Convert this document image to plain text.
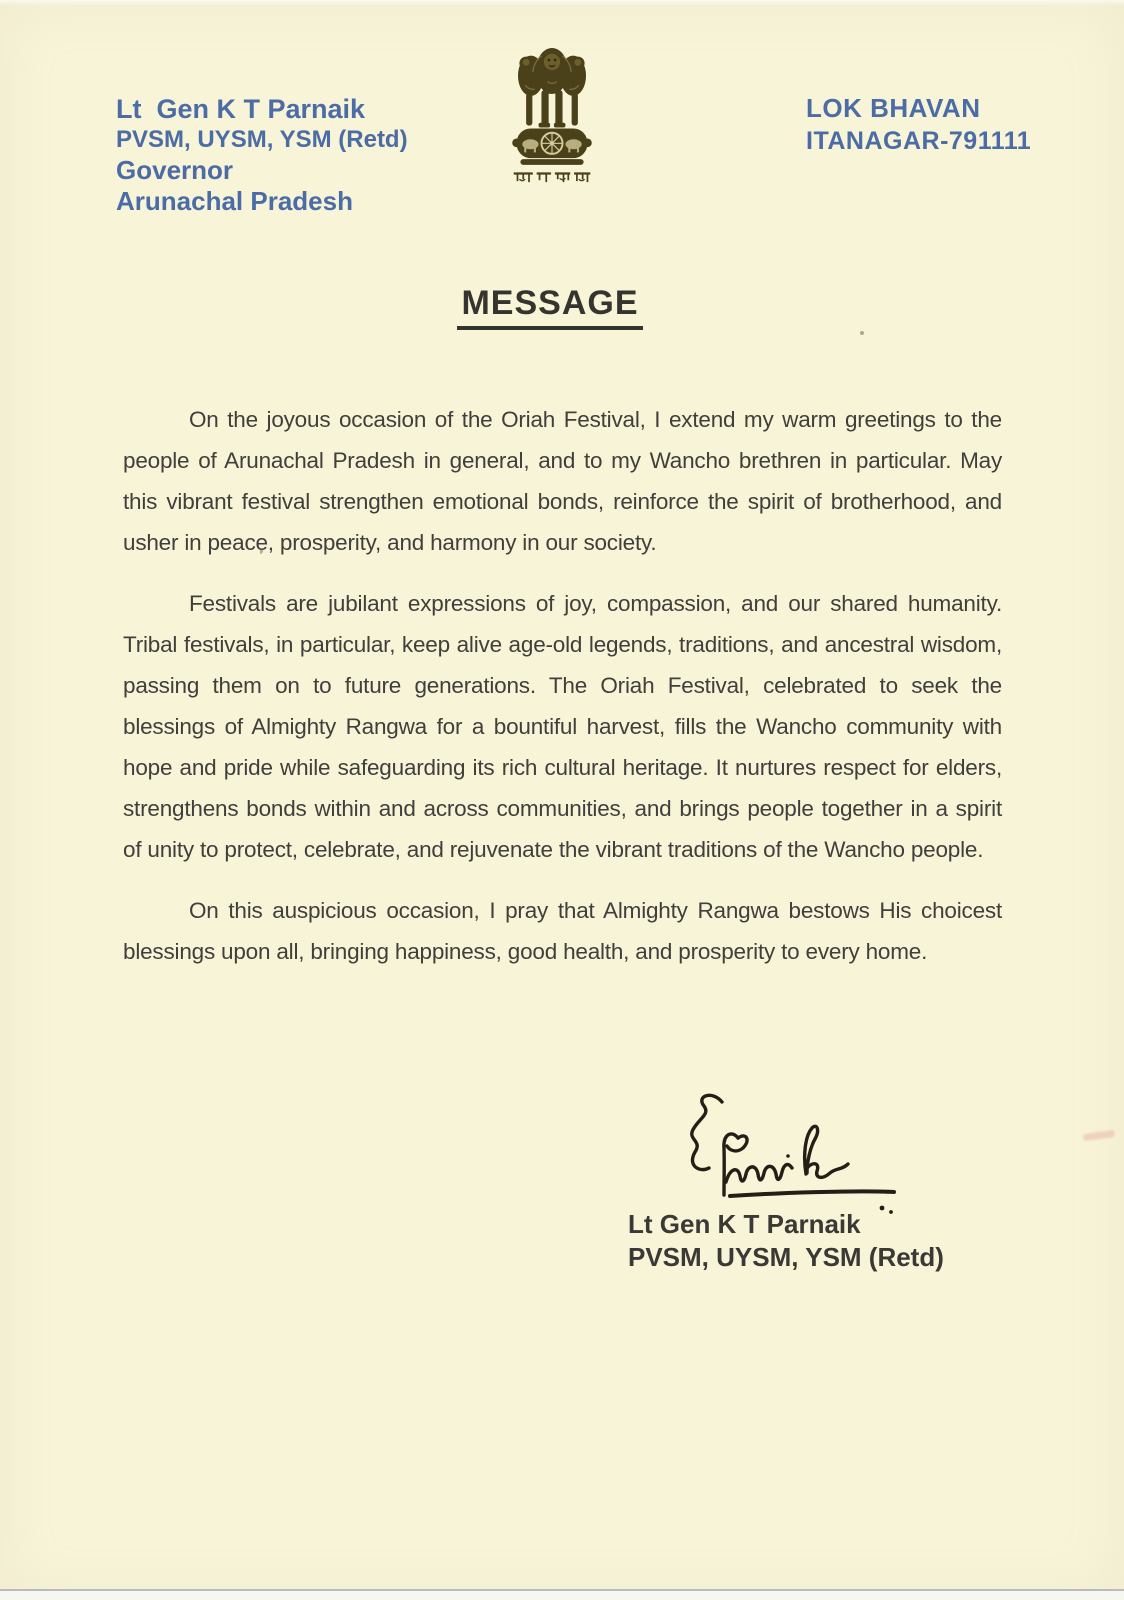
Lt  Gen K T Parnaik
PVSM, UYSM, YSM (Retd)
Governor
Arunachal Pradesh
LOK BHAVAN
ITANAGAR-791111
MESSAGE

On the joyous occasion of the Oriah Festival, I extend my warm greetings to the people of Arunachal Pradesh in general, and to my Wancho brethren in particular. May this vibrant festival strengthen emotional bonds, reinforce the spirit of brotherhood, and usher in peace, prosperity, and harmony in our society.

Festivals are jubilant expressions of joy, compassion, and our shared humanity. Tribal festivals, in particular, keep alive age-old legends, traditions, and ancestral wisdom, passing them on to future generations. The Oriah Festival, celebrated to seek the blessings of Almighty Rangwa for a bountiful harvest, fills the Wancho community with hope and pride while safeguarding its rich cultural heritage. It nurtures respect for elders, strengthens bonds within and across communities, and brings people together in a spirit of unity to protect, celebrate, and rejuvenate the vibrant traditions of the Wancho people.

On this auspicious occasion, I pray that Almighty Rangwa bestows His choicest blessings upon all, bringing happiness, good health, and prosperity to every home.

Lt Gen K T Parnaik
PVSM, UYSM, YSM (Retd)
